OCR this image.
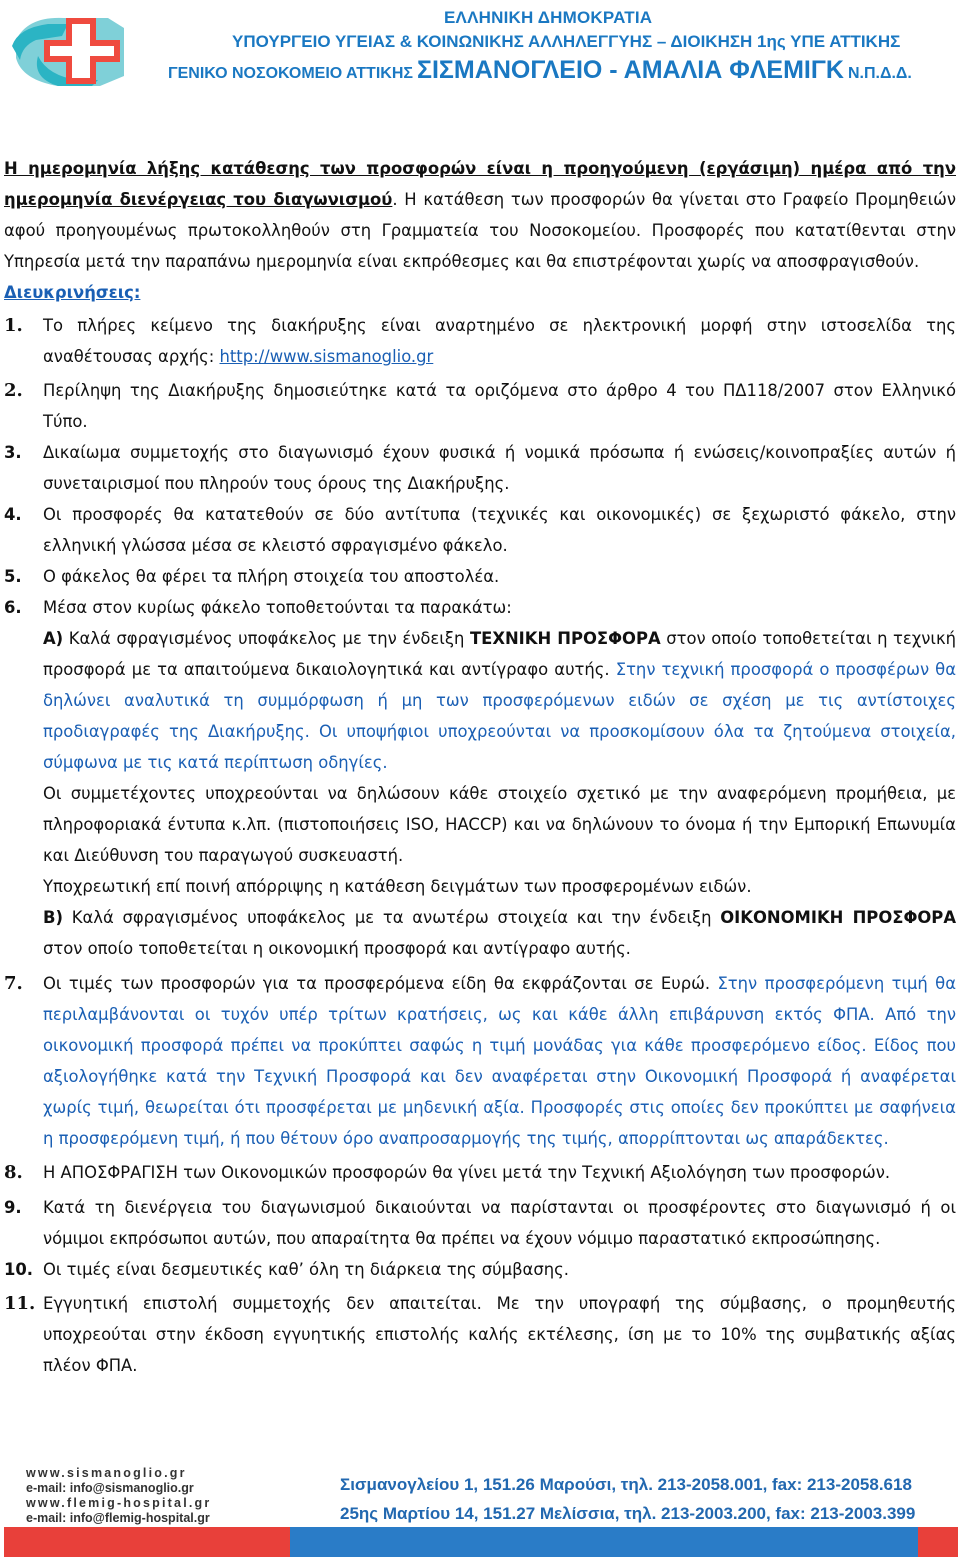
ΕΛΛΗΝΙΚΗ ΔΗΜΟΚΡΑΤΙΑ
ΥΠΟΥΡΓΕΙΟ ΥΓΕΙΑΣ & ΚΟΙΝΩΝΙΚΗΣ ΑΛΛΗΛΕΓΓΥΗΣ – ΔΙΟΙΚΗΣΗ 1ης ΥΠΕ ΑΤΤΙΚΗΣ
ΓΕΝΙΚΟ ΝΟΣΟΚΟΜΕΙΟ ΑΤΤΙΚΗΣ ΣΙΣΜΑΝΟΓΛΕΙΟ - ΑΜΑΛΙΑ ΦΛΕΜΙΓΚ Ν.Π.Δ.Δ.

Η ημερομηνία λήξης κατάθεσης των προσφορών είναι η προηγούμενη (εργάσιμη) ημέρα από την ημερομηνία διενέργειας του διαγωνισμού. Η κατάθεση των προσφορών θα γίνεται στο Γραφείο Προμηθειών αφού προηγουμένως πρωτοκολληθούν στη Γραμματεία του Νοσοκομείου. Προσφορές που κατατίθενται στην Υπηρεσία μετά την παραπάνω ημερομηνία είναι εκπρόθεσμες και θα επιστρέφονται χωρίς να αποσφραγισθούν.

Διευκρινήσεις:

1. Το πλήρες κείμενο της διακήρυξης είναι αναρτημένο σε ηλεκτρονική μορφή στην ιστοσελίδα της αναθέτουσας αρχής: http://www.sismanoglio.gr
2. Περίληψη της Διακήρυξης δημοσιεύτηκε κατά τα οριζόμενα στο άρθρο 4 του ΠΔ118/2007 στον Ελληνικό Τύπο.
3. Δικαίωμα συμμετοχής στο διαγωνισμό έχουν φυσικά ή νομικά πρόσωπα ή ενώσεις/κοινοπραξίες αυτών ή συνεταιρισμοί που πληρούν τους όρους της Διακήρυξης.
4. Οι προσφορές θα κατατεθούν σε δύο αντίτυπα (τεχνικές και οικονομικές) σε ξεχωριστό φάκελο, στην ελληνική γλώσσα μέσα σε κλειστό σφραγισμένο φάκελο.
5. Ο φάκελος θα φέρει τα πλήρη στοιχεία του αποστολέα.
6. Μέσα στον κυρίως φάκελο τοποθετούνται τα παρακάτω:
Α) Καλά σφραγισμένος υποφάκελος με την ένδειξη ΤΕΧΝΙΚΗ ΠΡΟΣΦΟΡΑ στον οποίο τοποθετείται η τεχνική προσφορά με τα απαιτούμενα δικαιολογητικά και αντίγραφο αυτής. Στην τεχνική προσφορά ο προσφέρων θα δηλώνει αναλυτικά τη συμμόρφωση ή μη των προσφερόμενων ειδών σε σχέση με τις αντίστοιχες προδιαγραφές της Διακήρυξης. Οι υποψήφιοι υποχρεούνται να προσκομίσουν όλα τα ζητούμενα στοιχεία, σύμφωνα με τις κατά περίπτωση οδηγίες.
Οι συμμετέχοντες υποχρεούνται να δηλώσουν κάθε στοιχείο σχετικό με την αναφερόμενη προμήθεια, με πληροφοριακά έντυπα κ.λπ. (πιστοποιήσεις ISO, HACCP) και να δηλώνουν το όνομα ή την Εμπορική Επωνυμία και Διεύθυνση του παραγωγού συσκευαστή.
Υποχρεωτική επί ποινή απόρριψης η κατάθεση δειγμάτων των προσφερομένων ειδών.
Β) Καλά σφραγισμένος υποφάκελος με τα ανωτέρω στοιχεία και την ένδειξη ΟΙΚΟΝΟΜΙΚΗ ΠΡΟΣΦΟΡΑ στον οποίο τοποθετείται η οικονομική προσφορά και αντίγραφο αυτής.
7. Οι τιμές των προσφορών για τα προσφερόμενα είδη θα εκφράζονται σε Ευρώ. Στην προσφερόμενη τιμή θα περιλαμβάνονται οι τυχόν υπέρ τρίτων κρατήσεις, ως και κάθε άλλη επιβάρυνση εκτός ΦΠΑ. Από την οικονομική προσφορά πρέπει να προκύπτει σαφώς η τιμή μονάδας για κάθε προσφερόμενο είδος. Είδος που αξιολογήθηκε κατά την Τεχνική Προσφορά και δεν αναφέρεται στην Οικονομική Προσφορά ή αναφέρεται χωρίς τιμή, θεωρείται ότι προσφέρεται με μηδενική αξία. Προσφορές στις οποίες δεν προκύπτει με σαφήνεια η προσφερόμενη τιμή, ή που θέτουν όρο αναπροσαρμογής της τιμής, απορρίπτονται ως απαράδεκτες.
8. Η ΑΠΟΣΦΡΑΓΙΣΗ των Οικονομικών προσφορών θα γίνει μετά την Τεχνική Αξιολόγηση των προσφορών.
9. Κατά τη διενέργεια του διαγωνισμού δικαιούνται να παρίστανται οι προσφέροντες στο διαγωνισμό ή οι νόμιμοι εκπρόσωποι αυτών, που απαραίτητα θα πρέπει να έχουν νόμιμο παραστατικό εκπροσώπησης.
10. Οι τιμές είναι δεσμευτικές καθ’ όλη τη διάρκεια της σύμβασης.
11. Εγγυητική επιστολή συμμετοχής δεν απαιτείται. Με την υπογραφή της σύμβασης, ο προμηθευτής υποχρεούται στην έκδοση εγγυητικής επιστολής καλής εκτέλεσης, ίση με το 10% της συμβατικής αξίας πλέον ΦΠΑ.
www.sismanoglio.gr
e-mail: info@sismanoglio.gr
www.flemig-hospital.gr
e-mail: info@flemig-hospital.gr
Σισμανογλείου 1, 151.26 Μαρούσι, τηλ. 213-2058.001, fax: 213-2058.618
25ης Μαρτίου 14, 151.27 Μελίσσια, τηλ. 213-2003.200, fax: 213-2003.399
